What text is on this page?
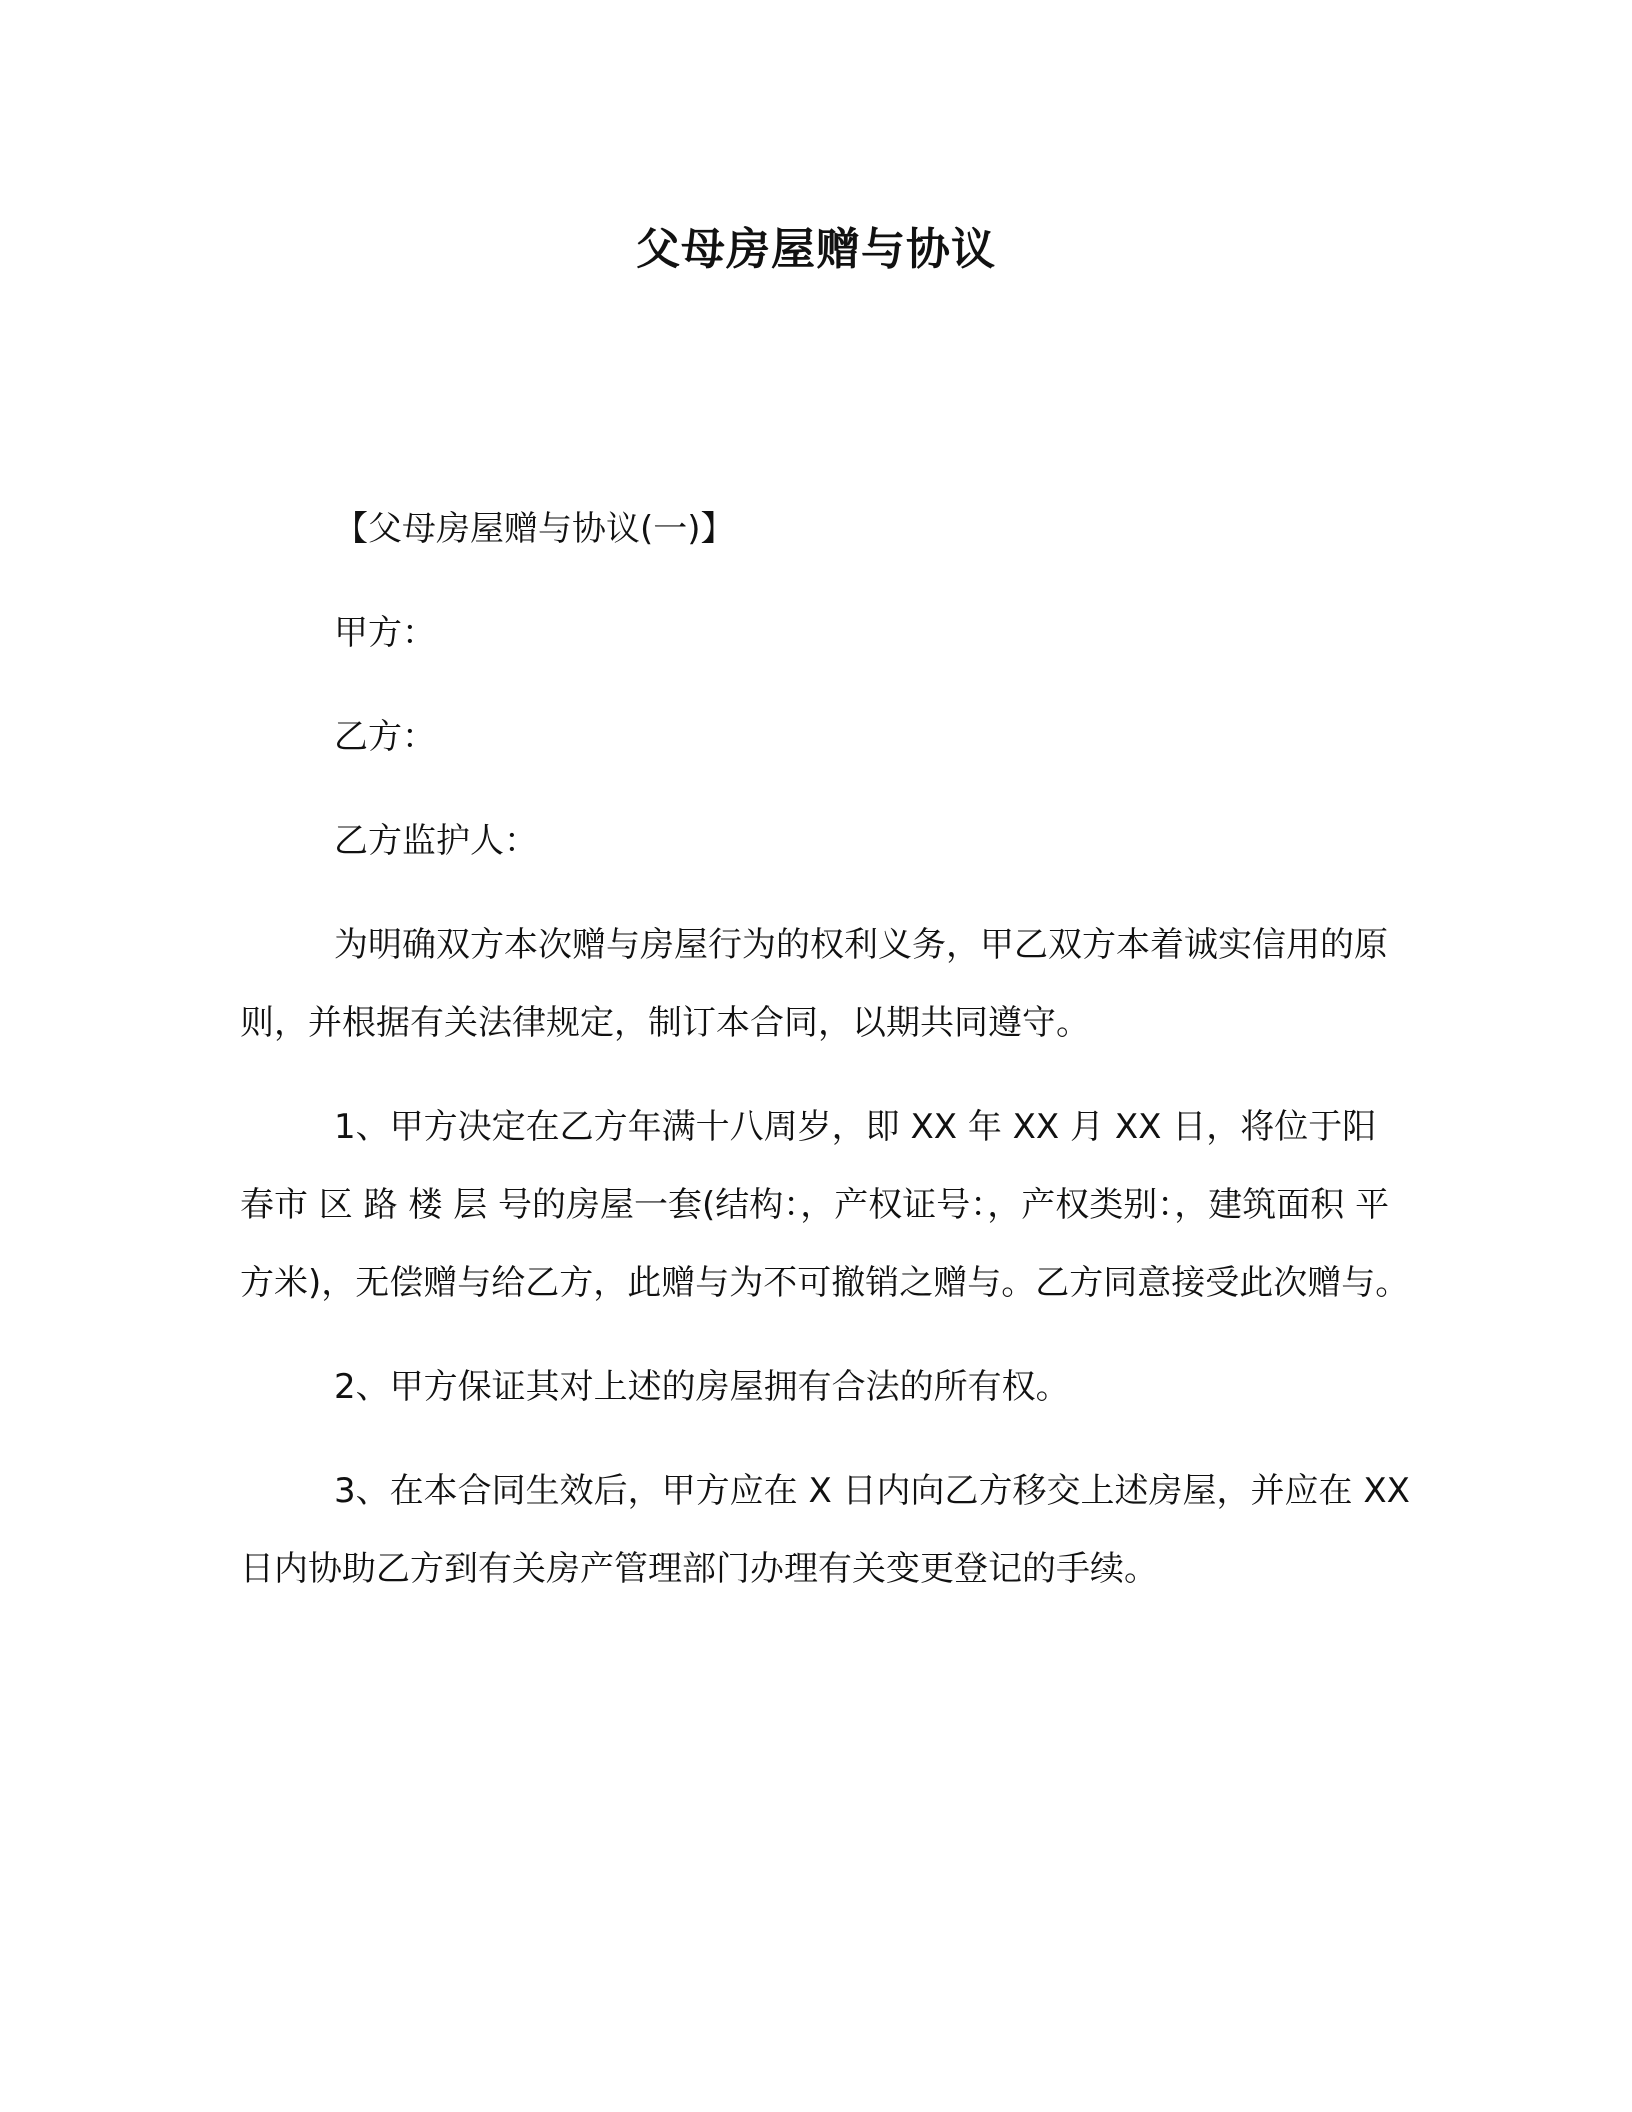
父母房屋赠与协议

【父母房屋赠与协议(一)】

甲方：

乙方：

乙方监护人：

为明确双方本次赠与房屋行为的权利义务，甲乙双方本着诚实信用的原则，并根据有关法律规定，制订本合同，以期共同遵守。

1、甲方决定在乙方年满十八周岁，即 XX 年 XX 月 XX 日，将位于阳春市 区 路 楼 层 号的房屋一套(结构：，产权证号：，产权类别：，建筑面积 平方米)，无偿赠与给乙方，此赠与为不可撤销之赠与。乙方同意接受此次赠与。

2、甲方保证其对上述的房屋拥有合法的所有权。

3、在本合同生效后，甲方应在 X 日内向乙方移交上述房屋，并应在 XX 日内协助乙方到有关房产管理部门办理有关变更登记的手续。
